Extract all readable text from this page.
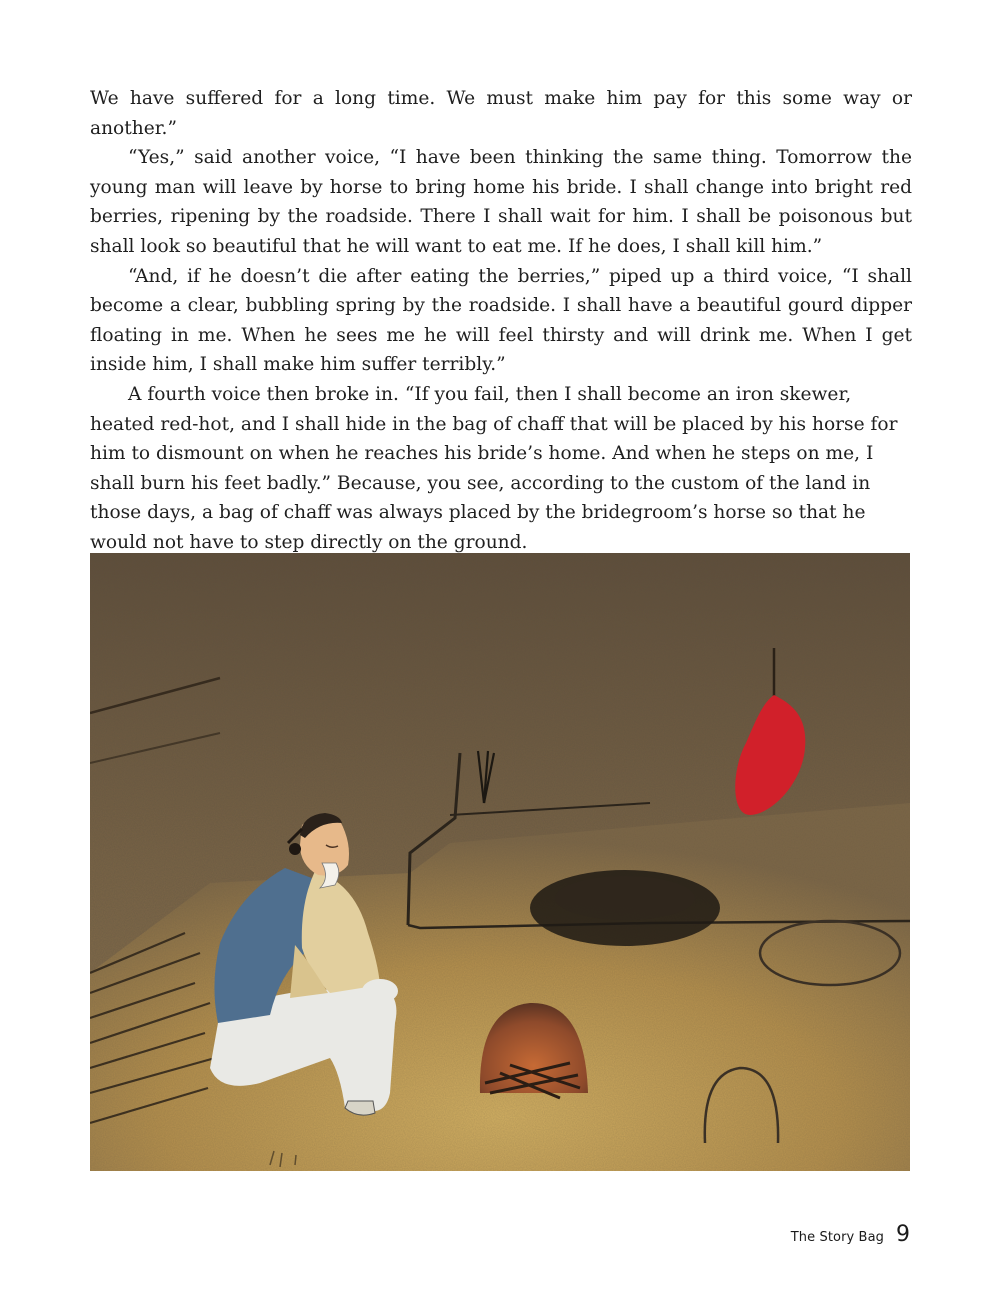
We have suffered for a long time. We must make him pay for this some way or another.”

“Yes,” said another voice, “I have been thinking the same thing. Tomorrow the young man will leave by horse to bring home his bride. I shall change into bright red berries, ripening by the roadside. There I shall wait for him. I shall be poisonous but shall look so beautiful that he will want to eat me. If he does, I shall kill him.”

“And, if he doesn’t die after eating the berries,” piped up a third voice, “I shall become a clear, bubbling spring by the roadside. I shall have a beautiful gourd dipper floating in me. When he sees me he will feel thirsty and will drink me. When I get inside him, I shall make him suffer terribly.”

A fourth voice then broke in. “If you fail, then I shall become an iron skewer, heated red-hot, and I shall hide in the bag of chaff that will be placed by his horse for him to dismount on when he reaches his bride’s home. And when he steps on me, I shall burn his feet badly.” Because, you see, according to the custom of the land in those days, a bag of chaff was always placed by the bridegroom’s horse so that he would not have to step directly on the ground.

The Story Bag 9
